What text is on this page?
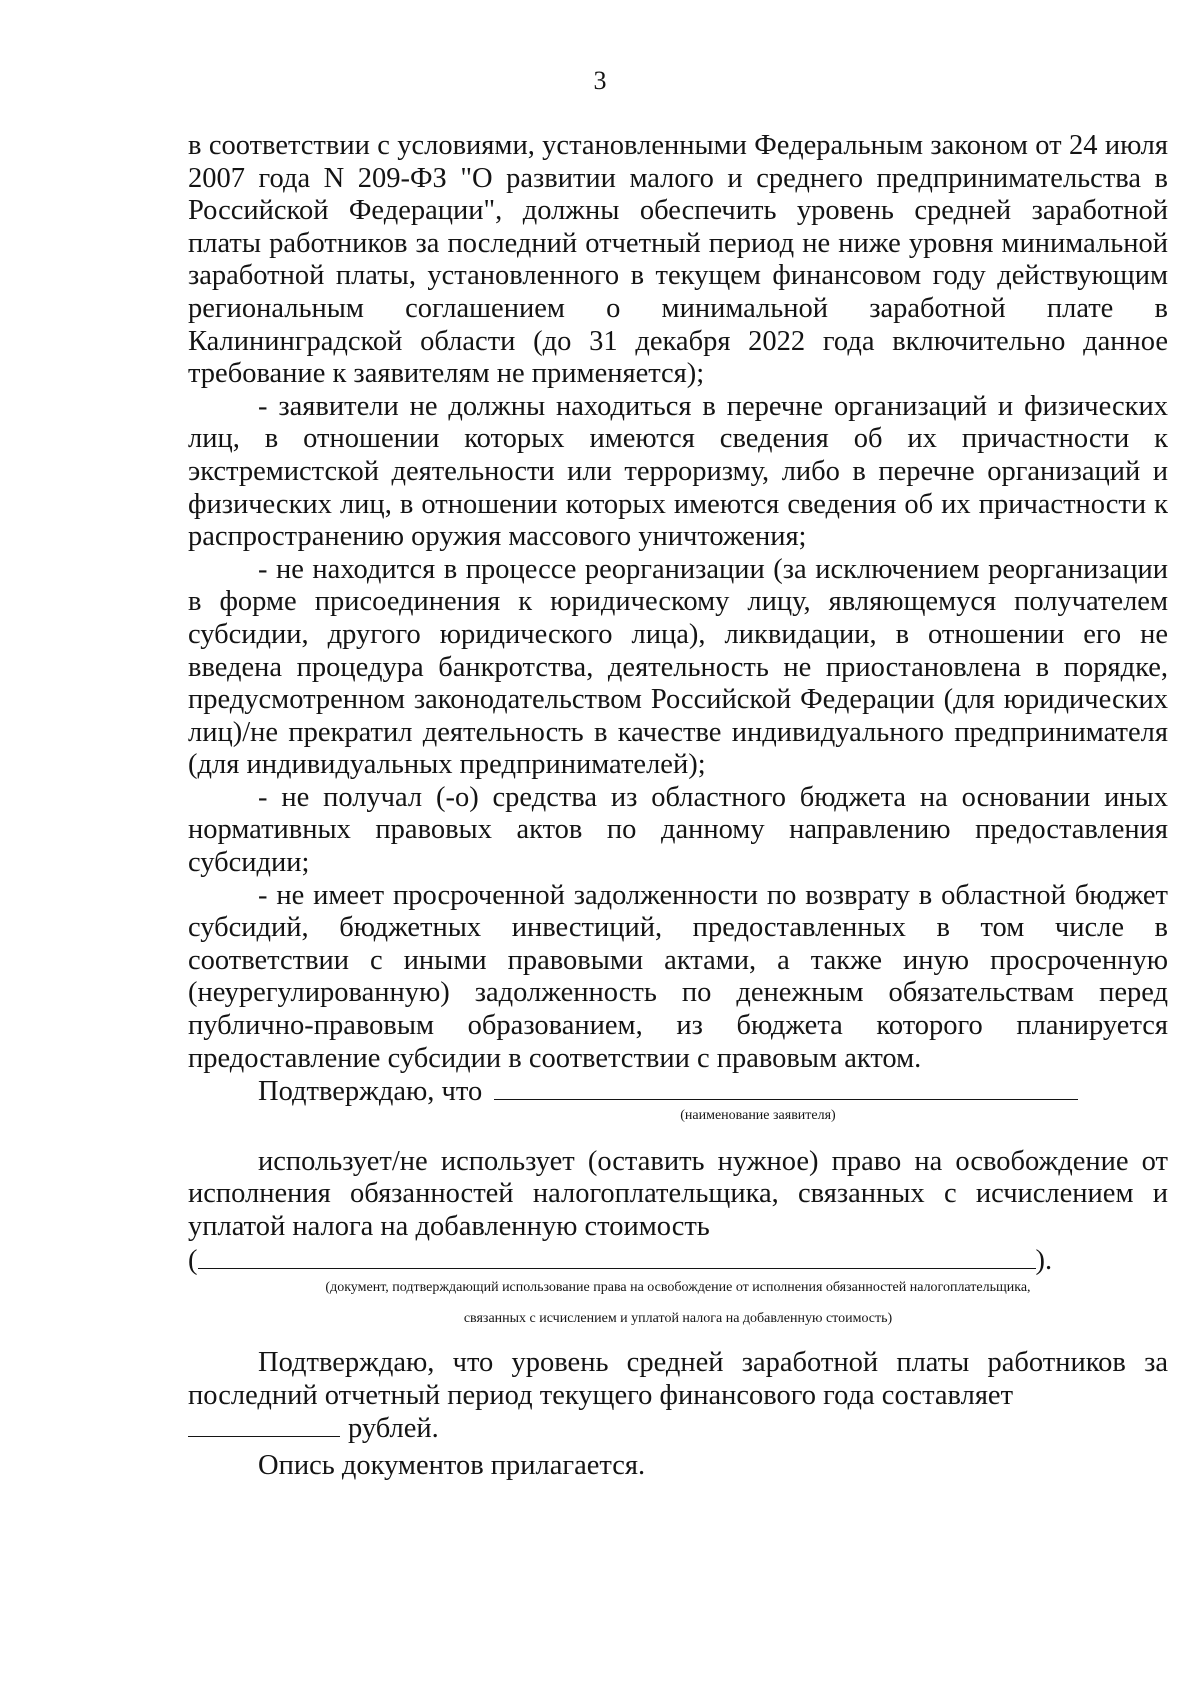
3

в соответствии с условиями, установленными Федеральным законом от 24 июля 2007 года N 209-ФЗ "О развитии малого и среднего предпринимательства в Российской Федерации", должны обеспечить уровень средней заработной платы работников за последний отчетный период не ниже уровня минимальной заработной платы, установленного в текущем финансовом году действующим региональным соглашением о минимальной заработной плате в Калининградской области (до 31 декабря 2022 года включительно данное требование к заявителям не применяется);

- заявители не должны находиться в перечне организаций и физических лиц, в отношении которых имеются сведения об их причастности к экстремистской деятельности или терроризму, либо в перечне организаций и физических лиц, в отношении которых имеются сведения об их причастности к распространению оружия массового уничтожения;

- не находится в процессе реорганизации (за исключением реорганизации в форме присоединения к юридическому лицу, являющемуся получателем субсидии, другого юридического лица), ликвидации, в отношении его не введена процедура банкротства, деятельность не приостановлена в порядке, предусмотренном законодательством Российской Федерации (для юридических лиц)/не прекратил деятельность в качестве индивидуального предпринимателя (для индивидуальных предпринимателей);

- не получал (-о) средства из областного бюджета на основании иных нормативных правовых актов по данному направлению предоставления субсидии;

- не имеет просроченной задолженности по возврату в областной бюджет субсидий, бюджетных инвестиций, предоставленных в том числе в соответствии с иными правовыми актами, а также иную просроченную (неурегулированную) задолженность по денежным обязательствам перед публично-правовым образованием, из бюджета которого планируется предоставление субсидии в соответствии с правовым актом.

Подтверждаю, что

(наименование заявителя)

использует/не использует (оставить нужное) право на освобождение от исполнения обязанностей налогоплательщика, связанных с исчислением и уплатой налога на добавленную стоимость

(	).

(документ, подтверждающий использование права на освобождение от исполнения обязанностей налогоплательщика,

связанных с исчислением и уплатой налога на добавленную стоимость)

Подтверждаю, что уровень средней заработной платы работников за последний отчетный период текущего финансового года составляет

рублей.

Опись документов прилагается.
